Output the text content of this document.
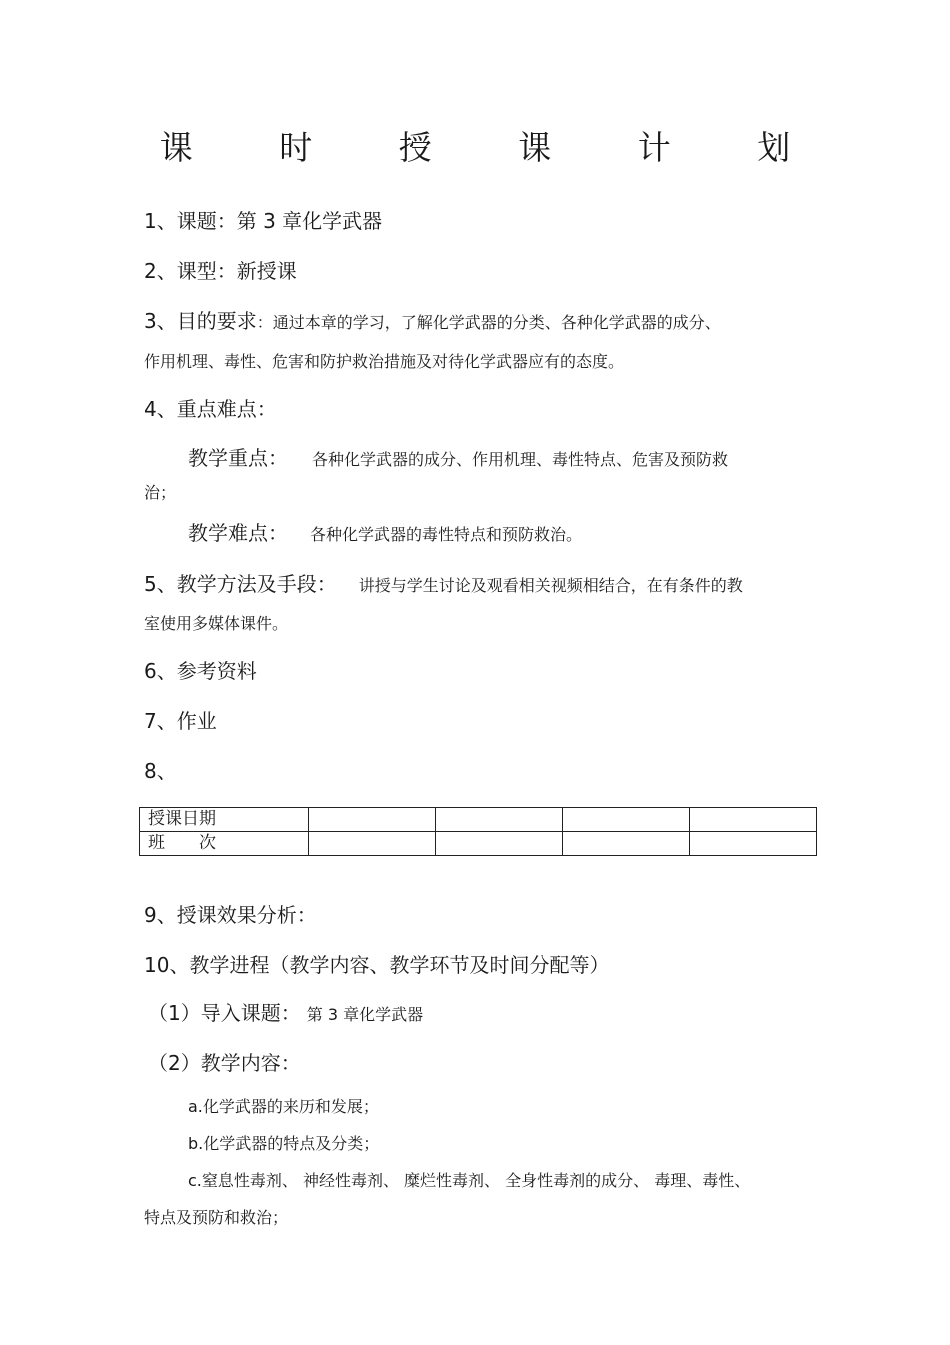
课 时 授 课 计 划
1、课题：第 3 章化学武器
2、课型：新授课
3、目的要求：通过本章的学习，了解化学武器的分类、各种化学武器的成分、
作用机理、毒性、危害和防护救治措施及对待化学武器应有的态度。
4、重点难点：
教学重点： 各种化学武器的成分、作用机理、毒性特点、危害及预防救
治；
教学难点： 各种化学武器的毒性特点和预防救治。
5、教学方法及手段： 讲授与学生讨论及观看相关视频相结合，在有条件的教
室使用多媒体课件。
6、参考资料
7、作业
8、
授课日期				
班　　次				
9、授课效果分析：
10、教学进程（教学内容、教学环节及时间分配等）
（1）导入课题： 第 3 章化学武器
（2）教学内容：
a.化学武器的来历和发展；
b.化学武器的特点及分类；
c.窒息性毒剂、 神经性毒剂、 糜烂性毒剂、 全身性毒剂的成分、 毒理、毒性、
特点及预防和救治；
